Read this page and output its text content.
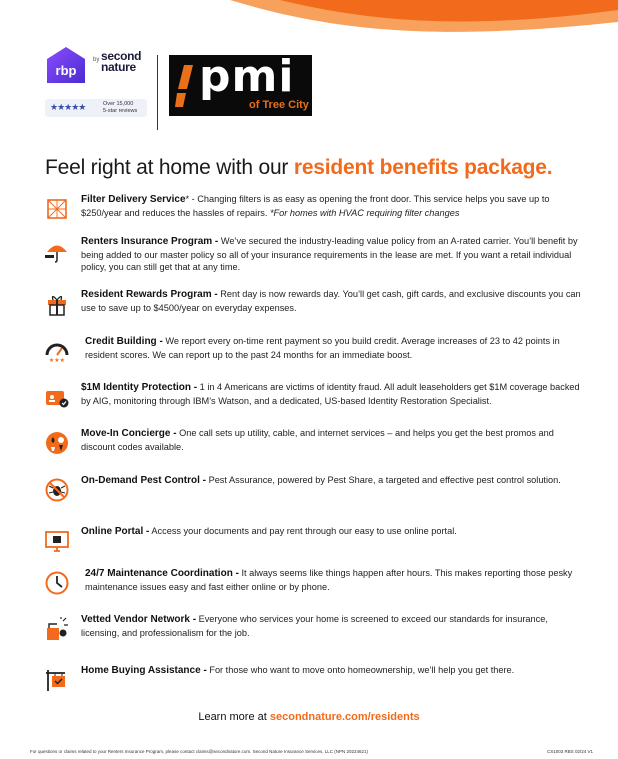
rbp
by second nature
★★★★★	Over 15,000
5-star reviews
pmi
of Tree City
Feel right at home with our resident benefits package.
Filter Delivery Service* - Changing filters is as easy as opening the front door. This service helps you save up to $250/year and reduces the hassles of repairs. *For homes with HVAC requiring filter changes
Renters Insurance Program - We’ve secured the industry-leading value policy from an A-rated carrier. You’ll benefit by being added to our master policy so all of your insurance requirements in the lease are met. If you want a retail individual policy, you can still get that at any time.
Resident Rewards Program - Rent day is now rewards day. You’ll get cash, gift cards, and exclusive discounts you can use to save up to $4500/year on everyday expenses.
★★★
Credit Building - We report every on-time rent payment so you build credit. Average increases of 23 to 42 points in resident scores. We can report up to the past 24 months for an immediate boost.
$1M Identity Protection - 1 in 4 Americans are victims of identity fraud. All adult leaseholders get $1M coverage backed by AIG, monitoring through IBM’s Watson, and a dedicated, US-based Identity Restoration Specialist.
Move-In Concierge - One call sets up utility, cable, and internet services – and helps you get the best promos and discount codes available.
On-Demand Pest Control - Pest Assurance, powered by Pest Share, a targeted and effective pest control solution.
Online Portal - Access your documents and pay rent through our easy to use online portal.
24/7 Maintenance Coordination - It always seems like things happen after hours. This makes reporting those pesky maintenance issues easy and fast either online or by phone.
Vetted Vendor Network - Everyone who services your home is screened to exceed our standards for insurance, licensing, and professionalism for the job.
Home Buying Assistance - For those who want to move onto homeownership, we’ll help you get there.
Learn more at secondnature.com/residents
For questions or claims related to your Renters Insurance Program, please contact claims@secondnature.com. Second Nature Insurance Services, LLC (NPN 20224621)	CS1003 RBS 02/24 V1
